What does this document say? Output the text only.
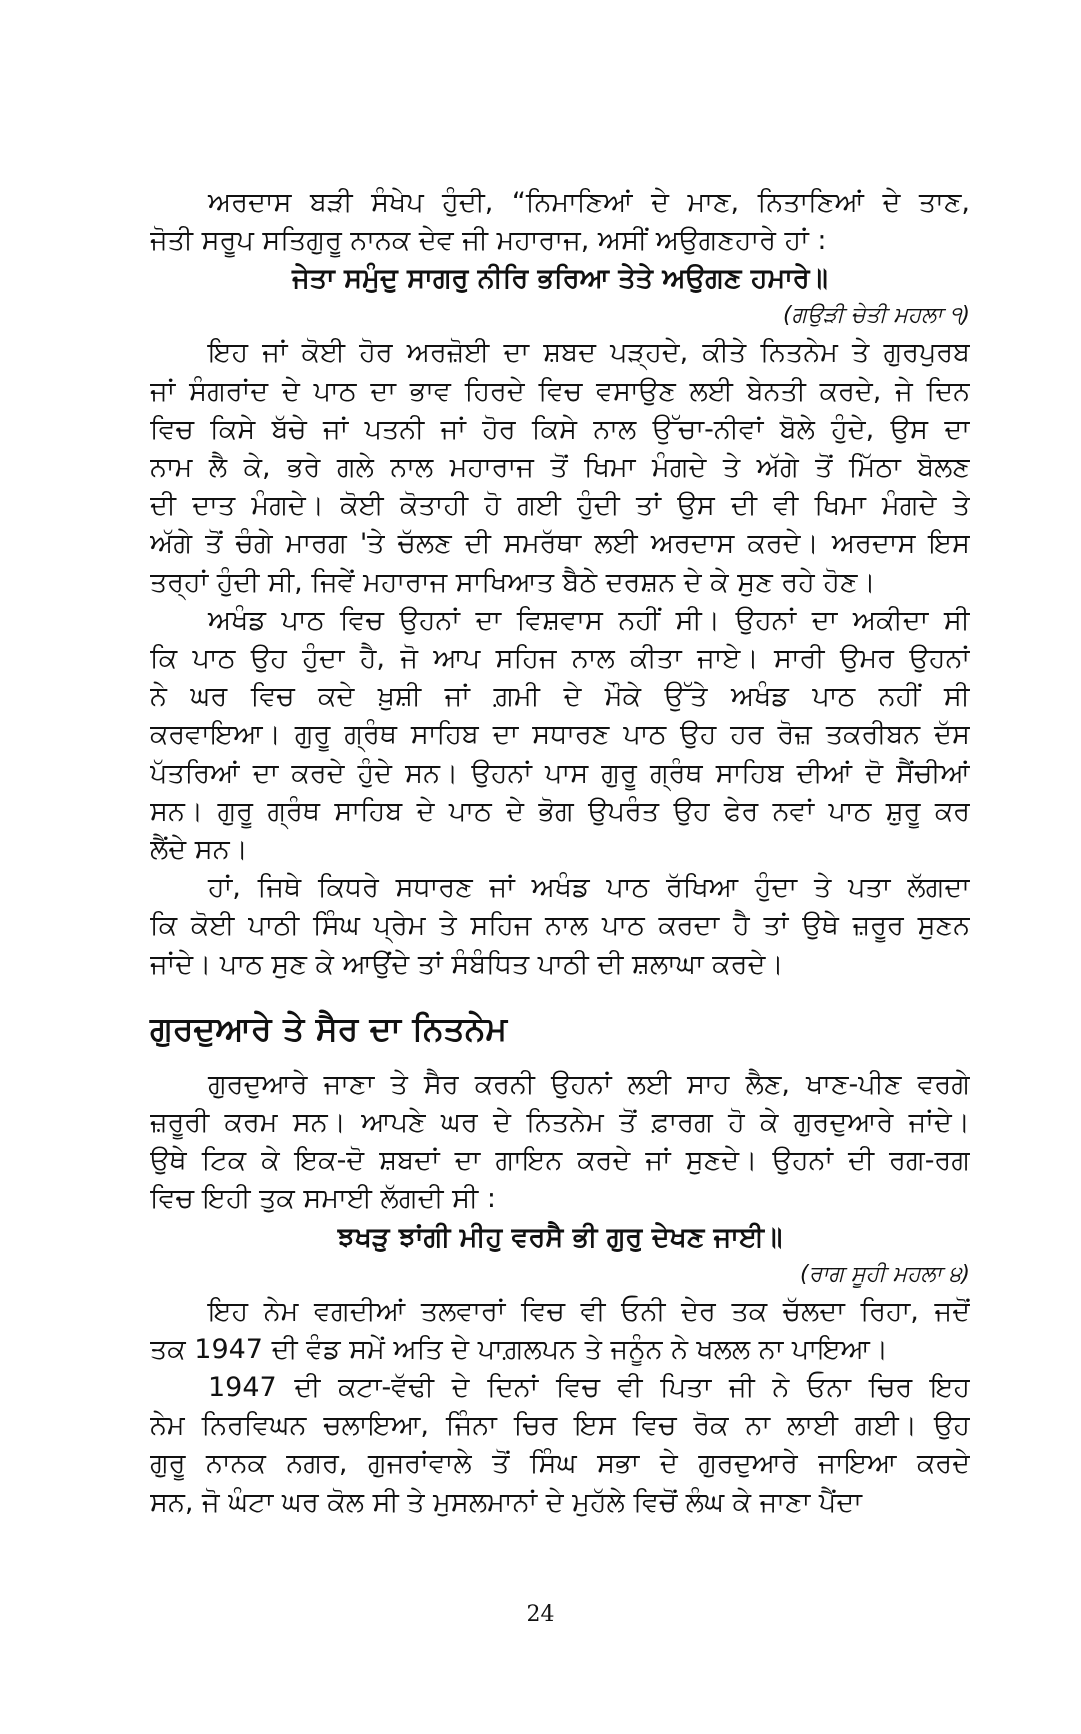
ਅਰਦਾਸ ਬੜੀ ਸੰਖੇਪ ਹੁੰਦੀ, “ਨਿਮਾਣਿਆਂ ਦੇ ਮਾਣ, ਨਿਤਾਣਿਆਂ ਦੇ ਤਾਣ,
ਜੋਤੀ ਸਰੂਪ ਸਤਿਗੁਰੂ ਨਾਨਕ ਦੇਵ ਜੀ ਮਹਾਰਾਜ, ਅਸੀਂ ਅਉਗਣਹਾਰੇ ਹਾਂ :

ਜੇਤਾ ਸਮੁੰਦੁ ਸਾਗਰੁ ਨੀਰਿ ਭਰਿਆ ਤੇਤੇ ਅਉਗਣ ਹਮਾਰੇ॥

(ਗਉੜੀ ਚੇਤੀ ਮਹਲਾ ੧)

ਇਹ ਜਾਂ ਕੋਈ ਹੋਰ ਅਰਜ਼ੋਈ ਦਾ ਸ਼ਬਦ ਪੜ੍ਹਦੇ, ਕੀਤੇ ਨਿਤਨੇਮ ਤੇ ਗੁਰਪੁਰਬ
ਜਾਂ ਸੰਗਰਾਂਦ ਦੇ ਪਾਠ ਦਾ ਭਾਵ ਹਿਰਦੇ ਵਿਚ ਵਸਾਉਣ ਲਈ ਬੇਨਤੀ ਕਰਦੇ, ਜੇ ਦਿਨ
ਵਿਚ ਕਿਸੇ ਬੱਚੇ ਜਾਂ ਪਤਨੀ ਜਾਂ ਹੋਰ ਕਿਸੇ ਨਾਲ ਉੱਚਾ-ਨੀਵਾਂ ਬੋਲੇ ਹੁੰਦੇ, ਉਸ ਦਾ
ਨਾਮ ਲੈ ਕੇ, ਭਰੇ ਗਲੇ ਨਾਲ ਮਹਾਰਾਜ ਤੋਂ ਖਿਮਾ ਮੰਗਦੇ ਤੇ ਅੱਗੇ ਤੋਂ ਮਿੱਠਾ ਬੋਲਣ
ਦੀ ਦਾਤ ਮੰਗਦੇ। ਕੋਈ ਕੋਤਾਹੀ ਹੋ ਗਈ ਹੁੰਦੀ ਤਾਂ ਉਸ ਦੀ ਵੀ ਖਿਮਾ ਮੰਗਦੇ ਤੇ
ਅੱਗੇ ਤੋਂ ਚੰਗੇ ਮਾਰਗ 'ਤੇ ਚੱਲਣ ਦੀ ਸਮਰੱਥਾ ਲਈ ਅਰਦਾਸ ਕਰਦੇ। ਅਰਦਾਸ ਇਸ
ਤਰ੍ਹਾਂ ਹੁੰਦੀ ਸੀ, ਜਿਵੇਂ ਮਹਾਰਾਜ ਸਾਖਿਆਤ ਬੈਠੇ ਦਰਸ਼ਨ ਦੇ ਕੇ ਸੁਣ ਰਹੇ ਹੋਣ।
ਅਖੰਡ ਪਾਠ ਵਿਚ ਉਹਨਾਂ ਦਾ ਵਿਸ਼ਵਾਸ ਨਹੀਂ ਸੀ। ਉਹਨਾਂ ਦਾ ਅਕੀਦਾ ਸੀ
ਕਿ ਪਾਠ ਉਹ ਹੁੰਦਾ ਹੈ, ਜੋ ਆਪ ਸਹਿਜ ਨਾਲ ਕੀਤਾ ਜਾਏ। ਸਾਰੀ ਉਮਰ ਉਹਨਾਂ
ਨੇ ਘਰ ਵਿਚ ਕਦੇ ਖ਼ੁਸ਼ੀ ਜਾਂ ਗ਼ਮੀ ਦੇ ਮੌਕੇ ਉੱਤੇ ਅਖੰਡ ਪਾਠ ਨਹੀਂ ਸੀ
ਕਰਵਾਇਆ। ਗੁਰੂ ਗ੍ਰੰਥ ਸਾਹਿਬ ਦਾ ਸਧਾਰਣ ਪਾਠ ਉਹ ਹਰ ਰੋਜ਼ ਤਕਰੀਬਨ ਦੱਸ
ਪੱਤਰਿਆਂ ਦਾ ਕਰਦੇ ਹੁੰਦੇ ਸਨ। ਉਹਨਾਂ ਪਾਸ ਗੁਰੂ ਗ੍ਰੰਥ ਸਾਹਿਬ ਦੀਆਂ ਦੋ ਸੈਂਚੀਆਂ
ਸਨ। ਗੁਰੂ ਗ੍ਰੰਥ ਸਾਹਿਬ ਦੇ ਪਾਠ ਦੇ ਭੋਗ ਉਪਰੰਤ ਉਹ ਫੇਰ ਨਵਾਂ ਪਾਠ ਸ਼ੁਰੂ ਕਰ
ਲੈਂਦੇ ਸਨ।
ਹਾਂ, ਜਿਥੇ ਕਿਧਰੇ ਸਧਾਰਣ ਜਾਂ ਅਖੰਡ ਪਾਠ ਰੱਖਿਆ ਹੁੰਦਾ ਤੇ ਪਤਾ ਲੱਗਦਾ
ਕਿ ਕੋਈ ਪਾਠੀ ਸਿੰਘ ਪ੍ਰੇਮ ਤੇ ਸਹਿਜ ਨਾਲ ਪਾਠ ਕਰਦਾ ਹੈ ਤਾਂ ਉਥੇ ਜ਼ਰੂਰ ਸੁਣਨ
ਜਾਂਦੇ। ਪਾਠ ਸੁਣ ਕੇ ਆਉਂਦੇ ਤਾਂ ਸੰਬੰਧਿਤ ਪਾਠੀ ਦੀ ਸ਼ਲਾਘਾ ਕਰਦੇ।
ਗੁਰਦੁਆਰੇ ਤੇ ਸੈਰ ਦਾ ਨਿਤਨੇਮ
ਗੁਰਦੁਆਰੇ ਜਾਣਾ ਤੇ ਸੈਰ ਕਰਨੀ ਉਹਨਾਂ ਲਈ ਸਾਹ ਲੈਣ, ਖਾਣ-ਪੀਣ ਵਰਗੇ
ਜ਼ਰੂਰੀ ਕਰਮ ਸਨ। ਆਪਣੇ ਘਰ ਦੇ ਨਿਤਨੇਮ ਤੋਂ ਫ਼ਾਰਗ ਹੋ ਕੇ ਗੁਰਦੁਆਰੇ ਜਾਂਦੇ।
ਉਥੇ ਟਿਕ ਕੇ ਇਕ-ਦੋ ਸ਼ਬਦਾਂ ਦਾ ਗਾਇਨ ਕਰਦੇ ਜਾਂ ਸੁਣਦੇ। ਉਹਨਾਂ ਦੀ ਰਗ-ਰਗ
ਵਿਚ ਇਹੀ ਤੁਕ ਸਮਾਈ ਲੱਗਦੀ ਸੀ :

ਝਖੜੁ ਝਾਂਗੀ ਮੀਹੁ ਵਰਸੈ ਭੀ ਗੁਰੁ ਦੇਖਣ ਜਾਈ॥

(ਰਾਗ ਸੂਹੀ ਮਹਲਾ ੪)

ਇਹ ਨੇਮ ਵਗਦੀਆਂ ਤਲਵਾਰਾਂ ਵਿਚ ਵੀ ਓਨੀ ਦੇਰ ਤਕ ਚੱਲਦਾ ਰਿਹਾ, ਜਦੋਂ
ਤਕ 1947 ਦੀ ਵੰਡ ਸਮੇਂ ਅਤਿ ਦੇ ਪਾਗ਼ਲਪਨ ਤੇ ਜਨੂੰਨ ਨੇ ਖਲਲ ਨਾ ਪਾਇਆ।
1947 ਦੀ ਕਟਾ-ਵੱਢੀ ਦੇ ਦਿਨਾਂ ਵਿਚ ਵੀ ਪਿਤਾ ਜੀ ਨੇ ਓਨਾ ਚਿਰ ਇਹ
ਨੇਮ ਨਿਰਵਿਘਨ ਚਲਾਇਆ, ਜਿੰਨਾ ਚਿਰ ਇਸ ਵਿਚ ਰੋਕ ਨਾ ਲਾਈ ਗਈ। ਉਹ
ਗੁਰੂ ਨਾਨਕ ਨਗਰ, ਗੁਜਰਾਂਵਾਲੇ ਤੋਂ ਸਿੰਘ ਸਭਾ ਦੇ ਗੁਰਦੁਆਰੇ ਜਾਇਆ ਕਰਦੇ
ਸਨ, ਜੋ ਘੰਟਾ ਘਰ ਕੋਲ ਸੀ ਤੇ ਮੁਸਲਮਾਨਾਂ ਦੇ ਮੁਹੱਲੇ ਵਿਚੋਂ ਲੰਘ ਕੇ ਜਾਣਾ ਪੈਂਦਾ
24
